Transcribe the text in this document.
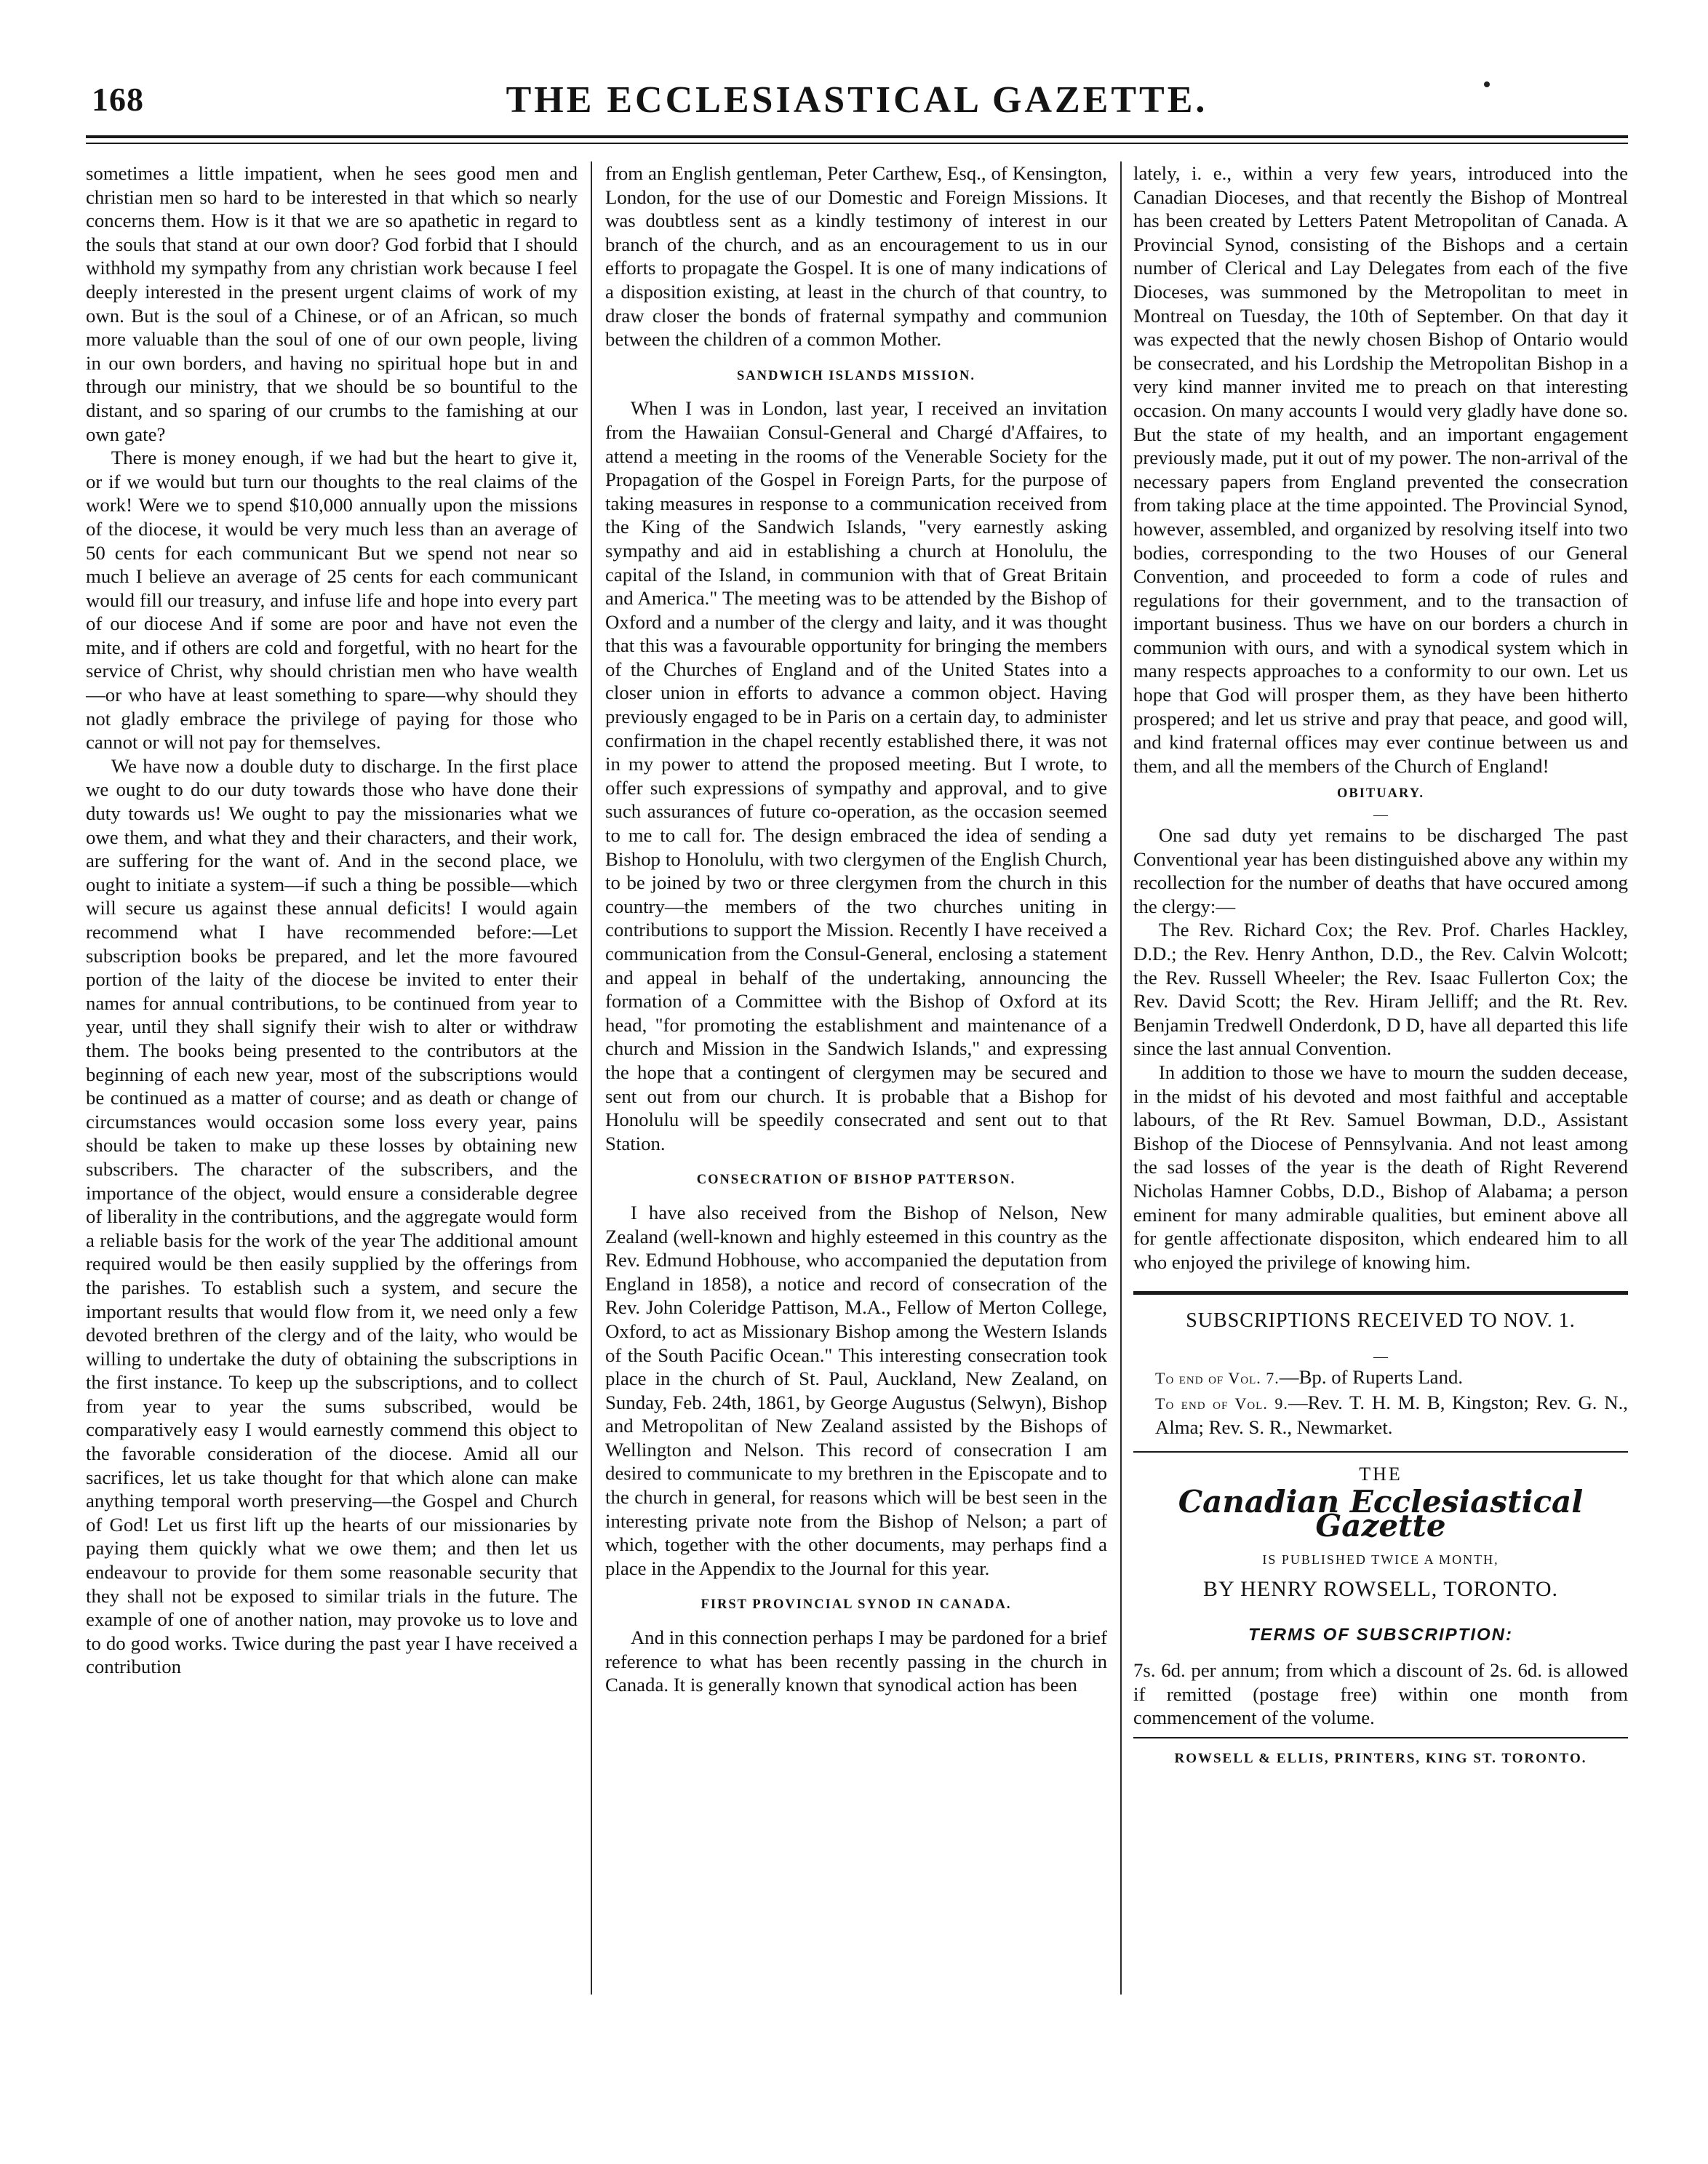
168	THE ECCLESIASTICAL GAZETTE.

sometimes a little impatient, when he sees good men and christian men so hard to be interested in that which so nearly concerns them. How is it that we are so apathetic in regard to the souls that stand at our own door? God forbid that I should withhold my sympathy from any christian work because I feel deeply interested in the present urgent claims of work of my own. But is the soul of a Chinese, or of an African, so much more valuable than the soul of one of our own people, living in our own borders, and having no spiritual hope but in and through our ministry, that we should be so bountiful to the distant, and so sparing of our crumbs to the famishing at our own gate?

There is money enough, if we had but the heart to give it, or if we would but turn our thoughts to the real claims of the work! Were we to spend $10,000 annually upon the missions of the diocese, it would be very much less than an average of 50 cents for each communicant But we spend not near so much I believe an average of 25 cents for each communicant would fill our treasury, and infuse life and hope into every part of our diocese And if some are poor and have not even the mite, and if others are cold and forgetful, with no heart for the service of Christ, why should christian men who have wealth—or who have at least something to spare—why should they not gladly embrace the privilege of paying for those who cannot or will not pay for themselves.

We have now a double duty to discharge. In the first place we ought to do our duty towards those who have done their duty towards us! We ought to pay the missionaries what we owe them, and what they and their characters, and their work, are suffering for the want of. And in the second place, we ought to initiate a system—if such a thing be possible—which will secure us against these annual deficits! I would again recommend what I have recommended before:—Let subscription books be prepared, and let the more favoured portion of the laity of the diocese be invited to enter their names for annual contributions, to be continued from year to year, until they shall signify their wish to alter or withdraw them. The books being presented to the contributors at the beginning of each new year, most of the subscriptions would be continued as a matter of course; and as death or change of circumstances would occasion some loss every year, pains should be taken to make up these losses by obtaining new subscribers. The character of the subscribers, and the importance of the object, would ensure a considerable degree of liberality in the contributions, and the aggregate would form a reliable basis for the work of the year The additional amount required would be then easily supplied by the offerings from the parishes. To establish such a system, and secure the important results that would flow from it, we need only a few devoted brethren of the clergy and of the laity, who would be willing to undertake the duty of obtaining the subscriptions in the first instance. To keep up the subscriptions, and to collect from year to year the sums subscribed, would be comparatively easy I would earnestly commend this object to the favorable consideration of the diocese. Amid all our sacrifices, let us take thought for that which alone can make anything temporal worth preserving—the Gospel and Church of God! Let us first lift up the hearts of our missionaries by paying them quickly what we owe them; and then let us endeavour to provide for them some reasonable security that they shall not be exposed to similar trials in the future. The example of one of another nation, may provoke us to love and to do good works. Twice during the past year I have received a contribution

from an English gentleman, Peter Carthew, Esq., of Kensington, London, for the use of our Domestic and Foreign Missions. It was doubtless sent as a kindly testimony of interest in our branch of the church, and as an encouragement to us in our efforts to propagate the Gospel. It is one of many indications of a disposition existing, at least in the church of that country, to draw closer the bonds of fraternal sympathy and communion between the children of a common Mother.

SANDWICH ISLANDS MISSION.

When I was in London, last year, I received an invitation from the Hawaiian Consul-General and Chargé d'Affaires, to attend a meeting in the rooms of the Venerable Society for the Propagation of the Gospel in Foreign Parts, for the purpose of taking measures in response to a communication received from the King of the Sandwich Islands, "very earnestly asking sympathy and aid in establishing a church at Honolulu, the capital of the Island, in communion with that of Great Britain and America." The meeting was to be attended by the Bishop of Oxford and a number of the clergy and laity, and it was thought that this was a favourable opportunity for bringing the members of the Churches of England and of the United States into a closer union in efforts to advance a common object. Having previously engaged to be in Paris on a certain day, to administer confirmation in the chapel recently established there, it was not in my power to attend the proposed meeting. But I wrote, to offer such expressions of sympathy and approval, and to give such assurances of future co-operation, as the occasion seemed to me to call for. The design embraced the idea of sending a Bishop to Honolulu, with two clergymen of the English Church, to be joined by two or three clergymen from the church in this country—the members of the two churches uniting in contributions to support the Mission. Recently I have received a communication from the Consul-General, enclosing a statement and appeal in behalf of the undertaking, announcing the formation of a Committee with the Bishop of Oxford at its head, "for promoting the establishment and maintenance of a church and Mission in the Sandwich Islands," and expressing the hope that a contingent of clergymen may be secured and sent out from our church. It is probable that a Bishop for Honolulu will be speedily consecrated and sent out to that Station.

CONSECRATION OF BISHOP PATTERSON.

I have also received from the Bishop of Nelson, New Zealand (well-known and highly esteemed in this country as the Rev. Edmund Hobhouse, who accompanied the deputation from England in 1858), a notice and record of consecration of the Rev. John Coleridge Pattison, M.A., Fellow of Merton College, Oxford, to act as Missionary Bishop among the Western Islands of the South Pacific Ocean." This interesting consecration took place in the church of St. Paul, Auckland, New Zealand, on Sunday, Feb. 24th, 1861, by George Augustus (Selwyn), Bishop and Metropolitan of New Zealand assisted by the Bishops of Wellington and Nelson. This record of consecration I am desired to communicate to my brethren in the Episcopate and to the church in general, for reasons which will be best seen in the interesting private note from the Bishop of Nelson; a part of which, together with the other documents, may perhaps find a place in the Appendix to the Journal for this year.

FIRST PROVINCIAL SYNOD IN CANADA.

And in this connection perhaps I may be pardoned for a brief reference to what has been recently passing in the church in Canada. It is generally known that synodical action has been

lately, i. e., within a very few years, introduced into the Canadian Dioceses, and that recently the Bishop of Montreal has been created by Letters Patent Metropolitan of Canada. A Provincial Synod, consisting of the Bishops and a certain number of Clerical and Lay Delegates from each of the five Dioceses, was summoned by the Metropolitan to meet in Montreal on Tuesday, the 10th of September. On that day it was expected that the newly chosen Bishop of Ontario would be consecrated, and his Lordship the Metropolitan Bishop in a very kind manner invited me to preach on that interesting occasion. On many accounts I would very gladly have done so. But the state of my health, and an important engagement previously made, put it out of my power. The non-arrival of the necessary papers from England prevented the consecration from taking place at the time appointed. The Provincial Synod, however, assembled, and organized by resolving itself into two bodies, corresponding to the two Houses of our General Convention, and proceeded to form a code of rules and regulations for their government, and to the transaction of important business. Thus we have on our borders a church in communion with ours, and with a synodical system which in many respects approaches to a conformity to our own. Let us hope that God will prosper them, as they have been hitherto prospered; and let us strive and pray that peace, and good will, and kind fraternal offices may ever continue between us and them, and all the members of the Church of England!

OBITUARY.
—

One sad duty yet remains to be discharged The past Conventional year has been distinguished above any within my recollection for the number of deaths that have occured among the clergy:—

The Rev. Richard Cox; the Rev. Prof. Charles Hackley, D.D.; the Rev. Henry Anthon, D.D., the Rev. Calvin Wolcott; the Rev. Russell Wheeler; the Rev. Isaac Fullerton Cox; the Rev. David Scott; the Rev. Hiram Jelliff; and the Rt. Rev. Benjamin Tredwell Onderdonk, D D, have all departed this life since the last annual Convention.

In addition to those we have to mourn the sudden decease, in the midst of his devoted and most faithful and acceptable labours, of the Rt Rev. Samuel Bowman, D.D., Assistant Bishop of the Diocese of Pennsylvania. And not least among the sad losses of the year is the death of Right Reverend Nicholas Hamner Cobbs, D.D., Bishop of Alabama; a person eminent for many admirable qualities, but eminent above all for gentle affectionate dispositon, which endeared him to all who enjoyed the privilege of knowing him.

SUBSCRIPTIONS RECEIVED TO NOV. 1.
—

To end of Vol. 7.—Bp. of Ruperts Land.

To end of Vol. 9.—Rev. T. H. M. B, Kingston; Rev. G. N., Alma; Rev. S. R., Newmarket.

THE
Canadian Ecclesiastical Gazette
IS PUBLISHED TWICE A MONTH,
BY HENRY ROWSELL, TORONTO.
TERMS OF SUBSCRIPTION:

7s. 6d. per annum; from which a discount of 2s. 6d. is allowed if remitted (postage free) within one month from commencement of the volume.

ROWSELL & ELLIS, PRINTERS, KING ST. TORONTO.
